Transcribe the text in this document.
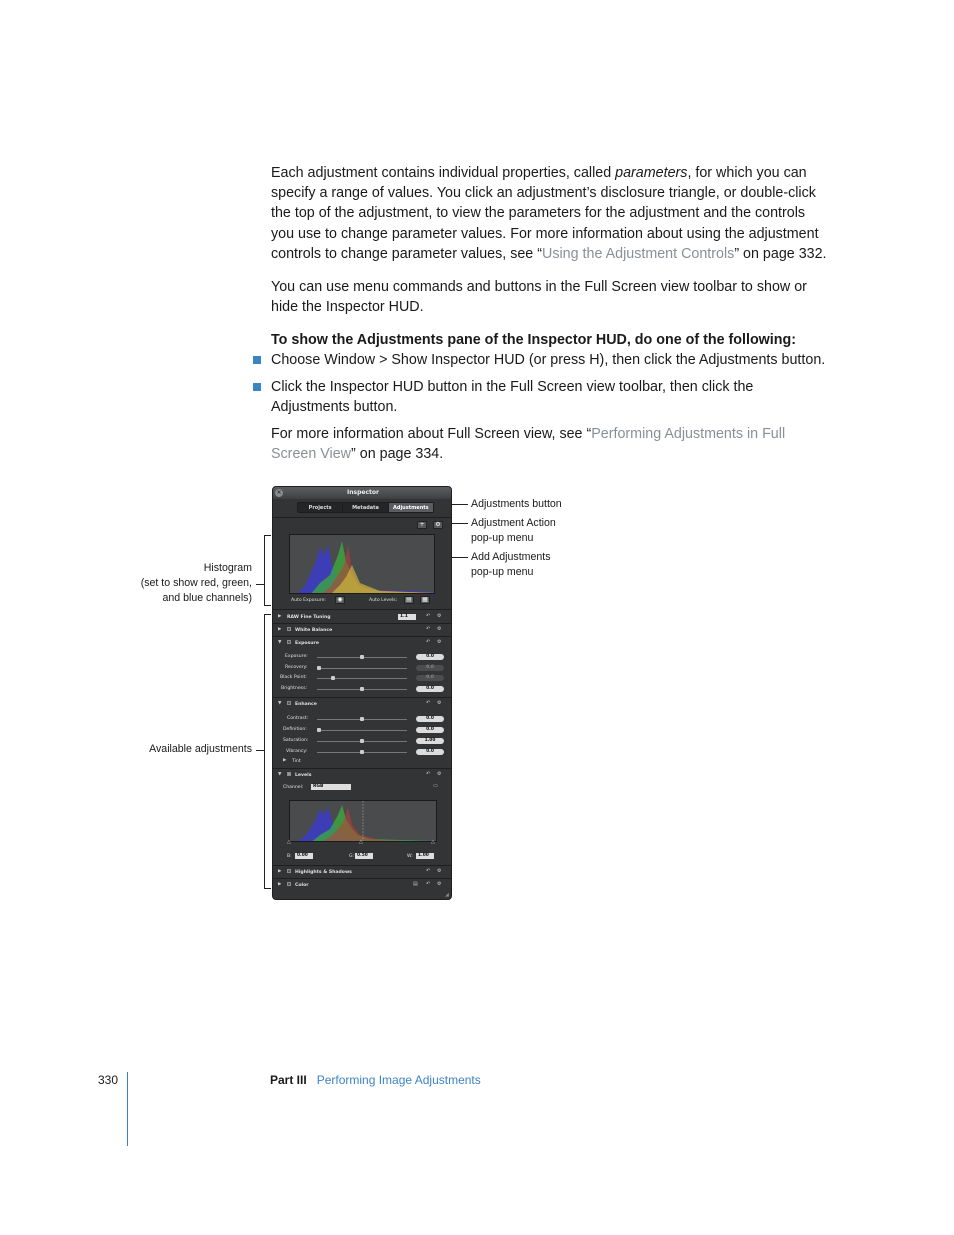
Each adjustment contains individual properties, called parameters, for which you can specify a range of values. You click an adjustment’s disclosure triangle, or double-click the top of the adjustment, to view the parameters for the adjustment and the controls you use to change parameter values. For more information about using the adjustment controls to change parameter values, see “Using the Adjustment Controls” on page 332.

You can use menu commands and buttons in the Full Screen view toolbar to show or hide the Inspector HUD.

To show the Adjustments pane of the Inspector HUD, do one of the following:

Choose Window > Show Inspector HUD (or press H), then click the Adjustments button.

Click the Inspector HUD button in the Full Screen view toolbar, then click the Adjustments button.

For more information about Full Screen view, see “Performing Adjustments in Full Screen View” on page 334.

Adjustments button
Adjustment Action
pop-up menu
Add Adjustments
pop-up menu
Histogram
(set to show red, green,
and blue channels)
Available adjustments
×	Inspector
Projects	Metadata	Adjustments
+	⚙
Auto Exposure:	◉	Auto Levels:	▤	▦
▶ RAW Fine Tuning	1.1	↶ ⚙
▶	White Balance	↶ ⚙
▼	Exposure	↶ ⚙
Exposure:	0.0
Recovery:	0.0
Black Point:	0.0
Brightness:	0.0
▼	Enhance	↶ ⚙
Contrast:	0.0
Definition:	0.0
Saturation:	1.00
Vibrancy:	0.0
▶ Tint
▼	Levels	↶ ⚙
Channel:	RGB	▭
△	△	△
B:	0.00	G: 0.50	W:	1.00
▶	Highlights & Shadows	↶ ⚙
▶	Color	▤ ↶ ⚙
◢
330	Part III Performing Image Adjustments
